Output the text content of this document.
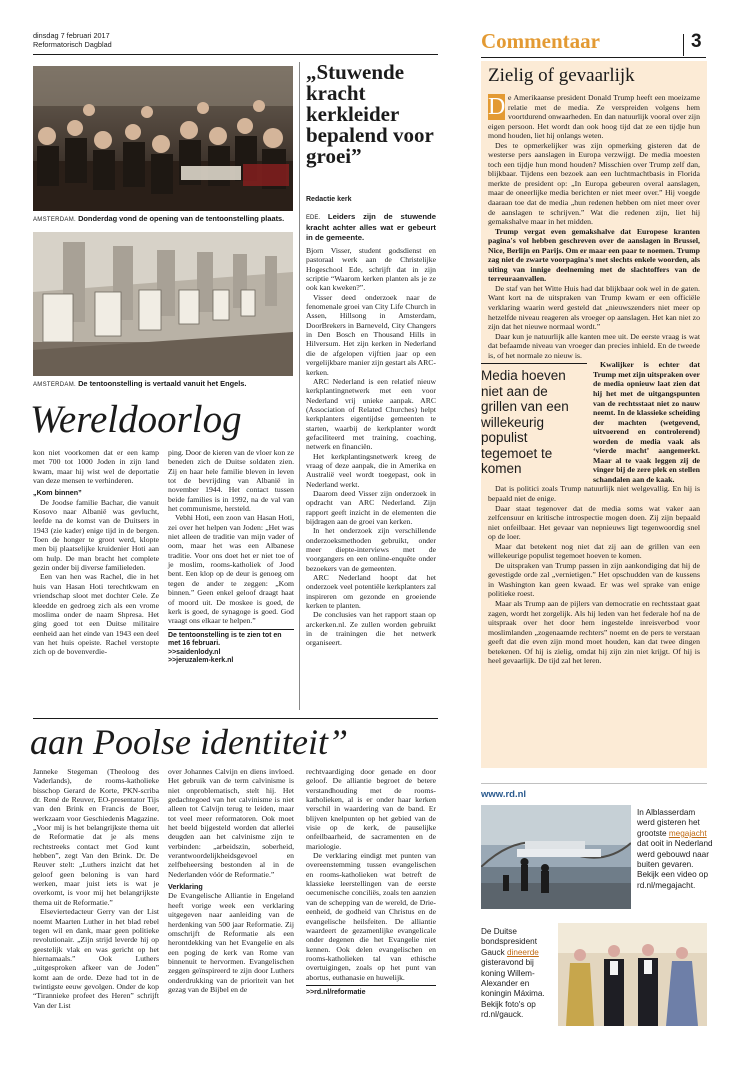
dinsdag 7 februari 2017
Reformatorisch Dagblad	Commentaar	3
AMSTERDAM. Donderdag vond de opening van de tentoonstelling plaats.
AMSTERDAM. De tentoonstelling is vertaald vanuit het Engels.
Wereldoorlog

kon niet voorkomen dat er een kamp met 700 tot 1000 Joden in zijn land kwam, maar hij wist wel de deportatie van deze mensen te verhinderen.

„Kom binnen”

De Joodse familie Bachar, die vanuit Kosovo naar Albanië was gevlucht, leefde na de komst van de Duitsers in 1943 (zie kader) enige tijd in de bergen. Toen de honger te groot werd, klopte men bij plaatselijke kruidenier Hoti aan om hulp. De man bracht het complete gezin onder bij diverse familieleden.

Een van hen was Rachel, die in het huis van Hasan Hoti terechtkwam en vriendschap sloot met dochter Cele. Ze kleedde en gedroeg zich als een vrome moslima onder de naam Shpresa. Het ging goed tot een Duitse militaire eenheid aan het einde van 1943 een deel van het huis opeiste. Rachel verstopte zich op de bovenverdie-

ping. Door de kieren van de vloer kon ze beneden zich de Duitse soldaten zien. Zij en haar hele familie bleven in leven tot de bevrijding van Albanië in november 1944. Het contact tussen beide families is in 1992, na de val van het communisme, hersteld.

Vebhi Hoti, een zoon van Hasan Hoti, zei over het helpen van Joden: „Het was niet alleen de traditie van mijn vader of oom, maar het was een Albanese traditie. Voor ons doet het er niet toe of je moslim, rooms-katholiek of Jood bent. Een klop op de deur is genoeg om tegen de ander te zeggen: „Kom binnen.” Geen enkel geloof draagt haat of moord uit. De moskee is goed, de kerk is goed, de synagoge is goed. God vraagt ons elkaar te helpen.”

De tentoonstelling is te zien tot en met 16 februari.
>>saidenlody.nl
>>jeruzalem-kerk.nl
„Stuwende kracht kerkleider bepalend voor groei”
Redactie kerk

EDE. Leiders zijn de stuwende kracht achter alles wat er gebeurt in de gemeente.

Bjorn Visser, student godsdienst en pastoraal werk aan de Christelijke Hogeschool Ede, schrijft dat in zijn scriptie “Waarom kerken planten als je ze ook kan kweken?”.

Visser deed onderzoek naar de fenomenale groei van City Life Church in Assen, Hillsong in Amsterdam, DoorBrekers in Barneveld, City Changers in Den Bosch en Thousand Hills in Hilversum. Het zijn kerken in Nederland die de afgelopen vijftien jaar op een vergelijkbare manier zijn gestart als ARC-kerken.

ARC Nederland is een relatief nieuw kerkplantingnetwerk met een voor Nederland vrij unieke aanpak. ARC (Association of Related Churches) helpt kerkplanters eigentijdse gemeenten te starten, waarbij de kerkplanter wordt gefaciliteerd met training, coaching, netwerk en financiën.

Het kerkplantingsnetwerk kreeg de vraag of deze aanpak, die in Amerika en Australië veel wordt toegepast, ook in Nederland werkt.

Daarom deed Visser zijn onderzoek in opdracht van ARC Nederland. Zijn rapport geeft inzicht in de elementen die bijdragen aan de groei van kerken.

In het onderzoek zijn verschillende onderzoeksmethoden gebruikt, onder meer diepte-interviews met de voorgangers en een online-enquête onder bezoekers van de gemeenten.

ARC Nederland hoopt dat het onderzoek veel potentiële kerkplanters zal inspireren om gezonde en groeiende kerken te planten.

De conclusies van het rapport staan op arckerken.nl. Ze zullen worden gebruikt in de trainingen die het netwerk organiseert.

aan Poolse identiteit”

Janneke Stegeman (Theoloog des Vaderlands), de rooms-katholieke bisschop Gerard de Korte, PKN-scriba dr. René de Reuver, EO-presentator Tijs van den Brink en Francis de Boer, werkzaam voor Geschiedenis Magazine. „Voor mij is het belangrijkste thema uit de Reformatie dat je als mens rechtstreeks contact met God kunt hebben”, zegt Van den Brink. Dr. De Reuver stelt: „Luthers inzicht dat het geloof geen beloning is van hard werken, maar juist iets is wat je overkomt, is voor mij het belangrijkste thema uit de Reformatie.”

Elseviertedacteur Gerry van der List noemt Maarten Luther in het blad rebel tegen wil en dank, maar geen politieke revolutionair. „Zijn strijd leverde hij op geestelijk vlak en was gericht op het hiernamaals.” Ook Luthers „uitgesproken afkeer van de Joden” komt aan de orde. Deze had tot in de twintigste eeuw gevolgen. Onder de kop “Tirannieke profeet des Heren” schrijft Van der List

over Johannes Calvijn en diens invloed. Het gebruik van de term calvinisme is niet onproblematisch, stelt hij. Het gedachtegoed van het calvinisme is niet alleen tot Calvijn terug te leiden, maar tot veel meer reformatoren. Ook moet het beeld bijgesteld worden dat allerlei deugden aan het calvinisme zijn te verbinden: „arbeidszin, soberheid, verantwoordelijkheidsgevoel en zelfbeheersing bestonden al in de Nederlanden vóór de Reformatie.”

Verklaring

De Evangelische Alliantie in Engeland heeft vorige week een verklaring uitgegeven naar aanleiding van de herdenking van 500 jaar Reformatie. Zij omschrijft de Reformatie als een herontdekking van het Evangelie en als een poging de kerk van Rome van binnenuit te hervormen. Evangelischen zeggen geïnspireerd te zijn door Luthers onderdrukking van de prioriteit van het gezag van de Bijbel en de

rechtvaardiging door genade en door geloof. De alliantie begroet de betere verstandhouding met de rooms-katholieken, al is er onder haar kerken verschil in waardering van de band. Er blijven knelpunten op het gebied van de visie op de kerk, de pauselijke onfeilbaarheid, de sacramenten en de mariologie.

De verklaring eindigt met punten van overeenstemming tussen evangelischen en rooms-katholieken wat betreft de klassieke leerstellingen van de eerste oecumenische conciliës, zoals ten aanzien van de schepping van de wereld, de Drie-eenheid, de godheid van Christus en de evangelische heilsfeiten. De alliantie waardeert de gezamenlijke evangelicale onder degenen die het Evangelie niet kennen. Ook delen evangelischen en rooms-katholieken tal van ethische overtuigingen, zoals op het punt van abortus, euthanasie en huwelijk.

>>rd.nl/reformatie

Zielig of gevaarlijk

D e Amerikaanse president Donald Trump heeft een moeizame relatie met de media. Ze verspreiden volgens hem voortdurend onwaarheden. En dan natuurlijk vooral over zijn eigen persoon. Het wordt dan ook hoog tijd dat ze een tijdje hun mond houden, liet hij onlangs weten.

Des te opmerkelijker was zijn opmerking gisteren dat de westerse pers aanslagen in Europa verzwijgt. De media moesten toch een tijdje hun mond houden? Misschien over Trump zelf dan, blijkbaar. Tijdens een bezoek aan een luchtmachtbasis in Florida merkte de president op: „In Europa gebeuren overal aanslagen, maar de oneerlijke media berichten er niet meer over.” Hij voegde daaraan toe dat de media „hun redenen hebben om niet meer over de aanslagen te schrijven.” Wat die redenen zijn, liet hij gemakshalve maar in het midden.

Trump vergat even gemakshalve dat Europese kranten pagina's vol hebben geschreven over de aanslagen in Brussel, Nice, Berlijn en Parijs. Om er maar een paar te noemen. Trump zag niet de zwarte voorpagina's met slechts enkele woorden, als uiting van innige deelneming met de slachtoffers van de terreuraanvallen.

De staf van het Witte Huis had dat blijkbaar ook wel in de gaten. Want kort na de uitspraken van Trump kwam er een officiële verklaring waarin werd gesteld dat „nieuwszenders niet meer op hetzelfde niveau reageren als vroeger op aanslagen. Het kan niet zo zijn dat het nieuwe normaal wordt.”

Daar kun je natuurlijk alle kanten mee uit. De eerste vraag is wat dat befaamde niveau van vroeger dan precies inhield. En de tweede is, of het normale zo nieuw is.

Media hoeven niet aan de grillen van een willekeurig populist tegemoet te komen
Kwalijker is echter dat Trump met zijn uitspraken over de media opnieuw laat zien dat hij het met de uitgangspunten van de rechtsstaat niet zo nauw neemt. In de klassieke scheiding der machten (wetgevend, uitvoerend en controlerend) worden de media vaak als ‘vierde macht’ aangemerkt. Maar al te vaak leggen zij de vinger bij de zere plek en stellen schandalen aan de kaak.

Dat is politici zoals Trump natuurlijk niet welgevallig. En hij is bepaald niet de enige.

Daar staat tegenover dat de media soms wat vaker aan zelfcensuur en kritische introspectie mogen doen. Zij zijn bepaald niet onfeilbaar. Het gevaar van nepnieuws ligt tegenwoordig snel op de loer.

Maar dat betekent nog niet dat zij aan de grillen van een willekeurige populist tegemoet hoeven te komen.

De uitspraken van Trump passen in zijn aankondiging dat hij de gevestigde orde zal „vernietigen.” Het opschudden van de kussens in Washington kan geen kwaad. Er was wel sprake van enige politieke roest.

Maar als Trump aan de pijlers van democratie en rechtsstaat gaat zagen, wordt het zorgelijk. Als hij leden van het federale hof na de uitspraak over het door hem ingestelde inreisverbod voor moslimlanden „zogenaamde rechters” noemt en de pers te verstaan geeft dat die even zijn mond moet houden, kan dat twee dingen betekenen. Of hij is zielig, omdat hij zijn zin niet krijgt. Of hij is heel gevaarlijk. De tijd zal het leren.

www.rd.nl
In Alblasserdam werd gisteren het grootste megajacht dat ooit in Nederland werd gebouwd naar buiten gevaren. Bekijk een video op rd.nl/megajacht.
De Duitse bondspresident Gauck dineerde gisteravond bij koning Willem-Alexander en koningin Máxima. Bekijk foto's op rd.nl/gauck.
